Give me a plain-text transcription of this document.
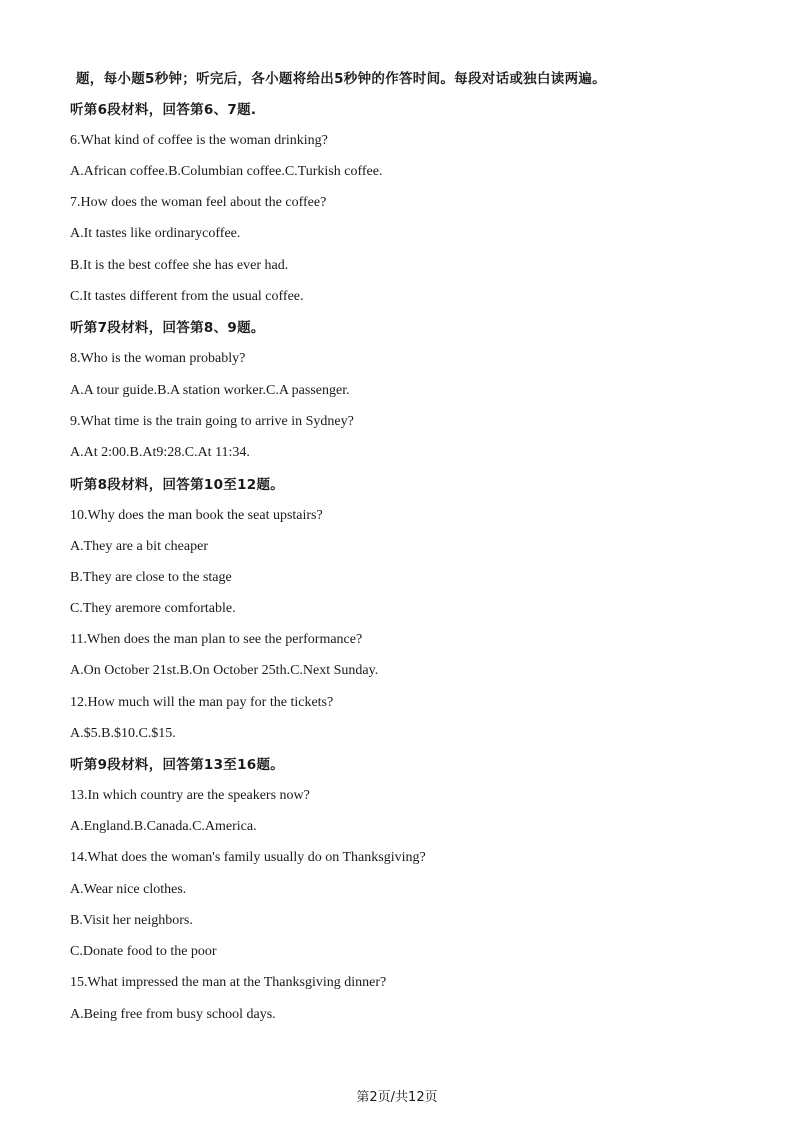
题，每小题5秒钟；听完后，各小题将给出5秒钟的作答时间。每段对话或独白读两遍。
听第6段材料，回答第6、7题.
6.What kind of coffee is the woman drinking?
A.African coffee.B.Columbian coffee.C.Turkish coffee.
7.How does the woman feel about the coffee?
A.It tastes like ordinarycoffee.
B.It is the best coffee she has ever had.
C.It tastes different from the usual coffee.
听第7段材料，回答第8、9题。
8.Who is the woman probably?
A.A tour guide.B.A station worker.C.A passenger.
9.What time is the train going to arrive in Sydney?
A.At 2:00.B.At9:28.C.At 11:34.
听第8段材料，回答第10至12题。
10.Why does the man book the seat upstairs?
A.They are a bit cheaper
B.They are close to the stage
C.They aremore comfortable.
11.When does the man plan to see the performance?
A.On October 21st.B.On October 25th.C.Next Sunday.
12.How much will the man pay for the tickets?
A.$5.B.$10.C.$15.
听第9段材料，回答第13至16题。
13.In which country are the speakers now?
A.England.B.Canada.C.America.
14.What does the woman's family usually do on Thanksgiving?
A.Wear nice clothes.
B.Visit her neighbors.
C.Donate food to the poor
15.What impressed the man at the Thanksgiving dinner?
A.Being free from busy school days.
第2页/共12页
